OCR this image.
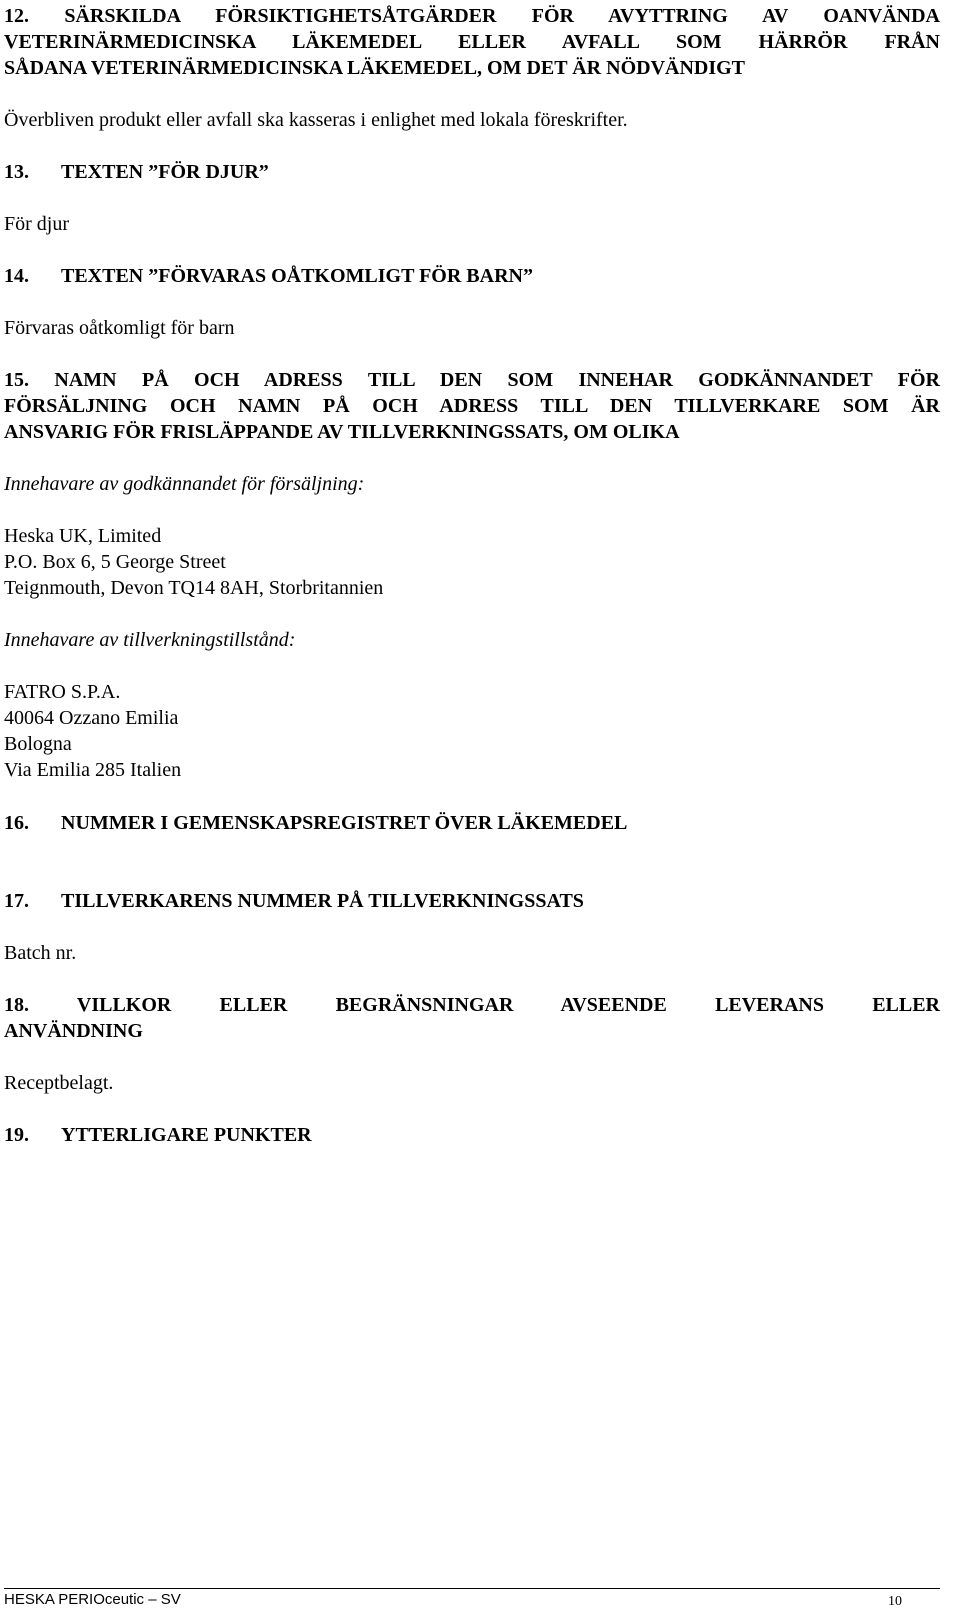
12. SÄRSKILDA FÖRSIKTIGHETSÅTGÄRDER FÖR AVYTTRING AV OANVÄNDA
VETERINÄRMEDICINSKA LÄKEMEDEL ELLER AVFALL SOM HÄRRÖR FRÅN
SÅDANA VETERINÄRMEDICINSKA LÄKEMEDEL, OM DET ÄR NÖDVÄNDIGT
Överbliven produkt eller avfall ska kasseras i enlighet med lokala föreskrifter.
13. TEXTEN ”FÖR DJUR”
För djur
14. TEXTEN ”FÖRVARAS OÅTKOMLIGT FÖR BARN”
Förvaras oåtkomligt för barn
15. NAMN PÅ OCH ADRESS TILL DEN SOM INNEHAR GODKÄNNANDET FÖR
FÖRSÄLJNING OCH NAMN PÅ OCH ADRESS TILL DEN TILLVERKARE SOM ÄR
ANSVARIG FÖR FRISLÄPPANDE AV TILLVERKNINGSSATS, OM OLIKA
Innehavare av godkännandet för försäljning:
Heska UK, Limited
P.O. Box 6, 5 George Street
Teignmouth, Devon TQ14 8AH, Storbritannien
Innehavare av tillverkningstillstånd:
FATRO S.P.A.
40064 Ozzano Emilia
Bologna
Via Emilia 285 Italien
16. NUMMER I GEMENSKAPSREGISTRET ÖVER LÄKEMEDEL
17. TILLVERKARENS NUMMER PÅ TILLVERKNINGSSATS
Batch nr.
18. VILLKOR ELLER BEGRÄNSNINGAR AVSEENDE LEVERANS ELLER
ANVÄNDNING
Receptbelagt.
19. YTTERLIGARE PUNKTER
HESKA PERIOceutic – SV	10
